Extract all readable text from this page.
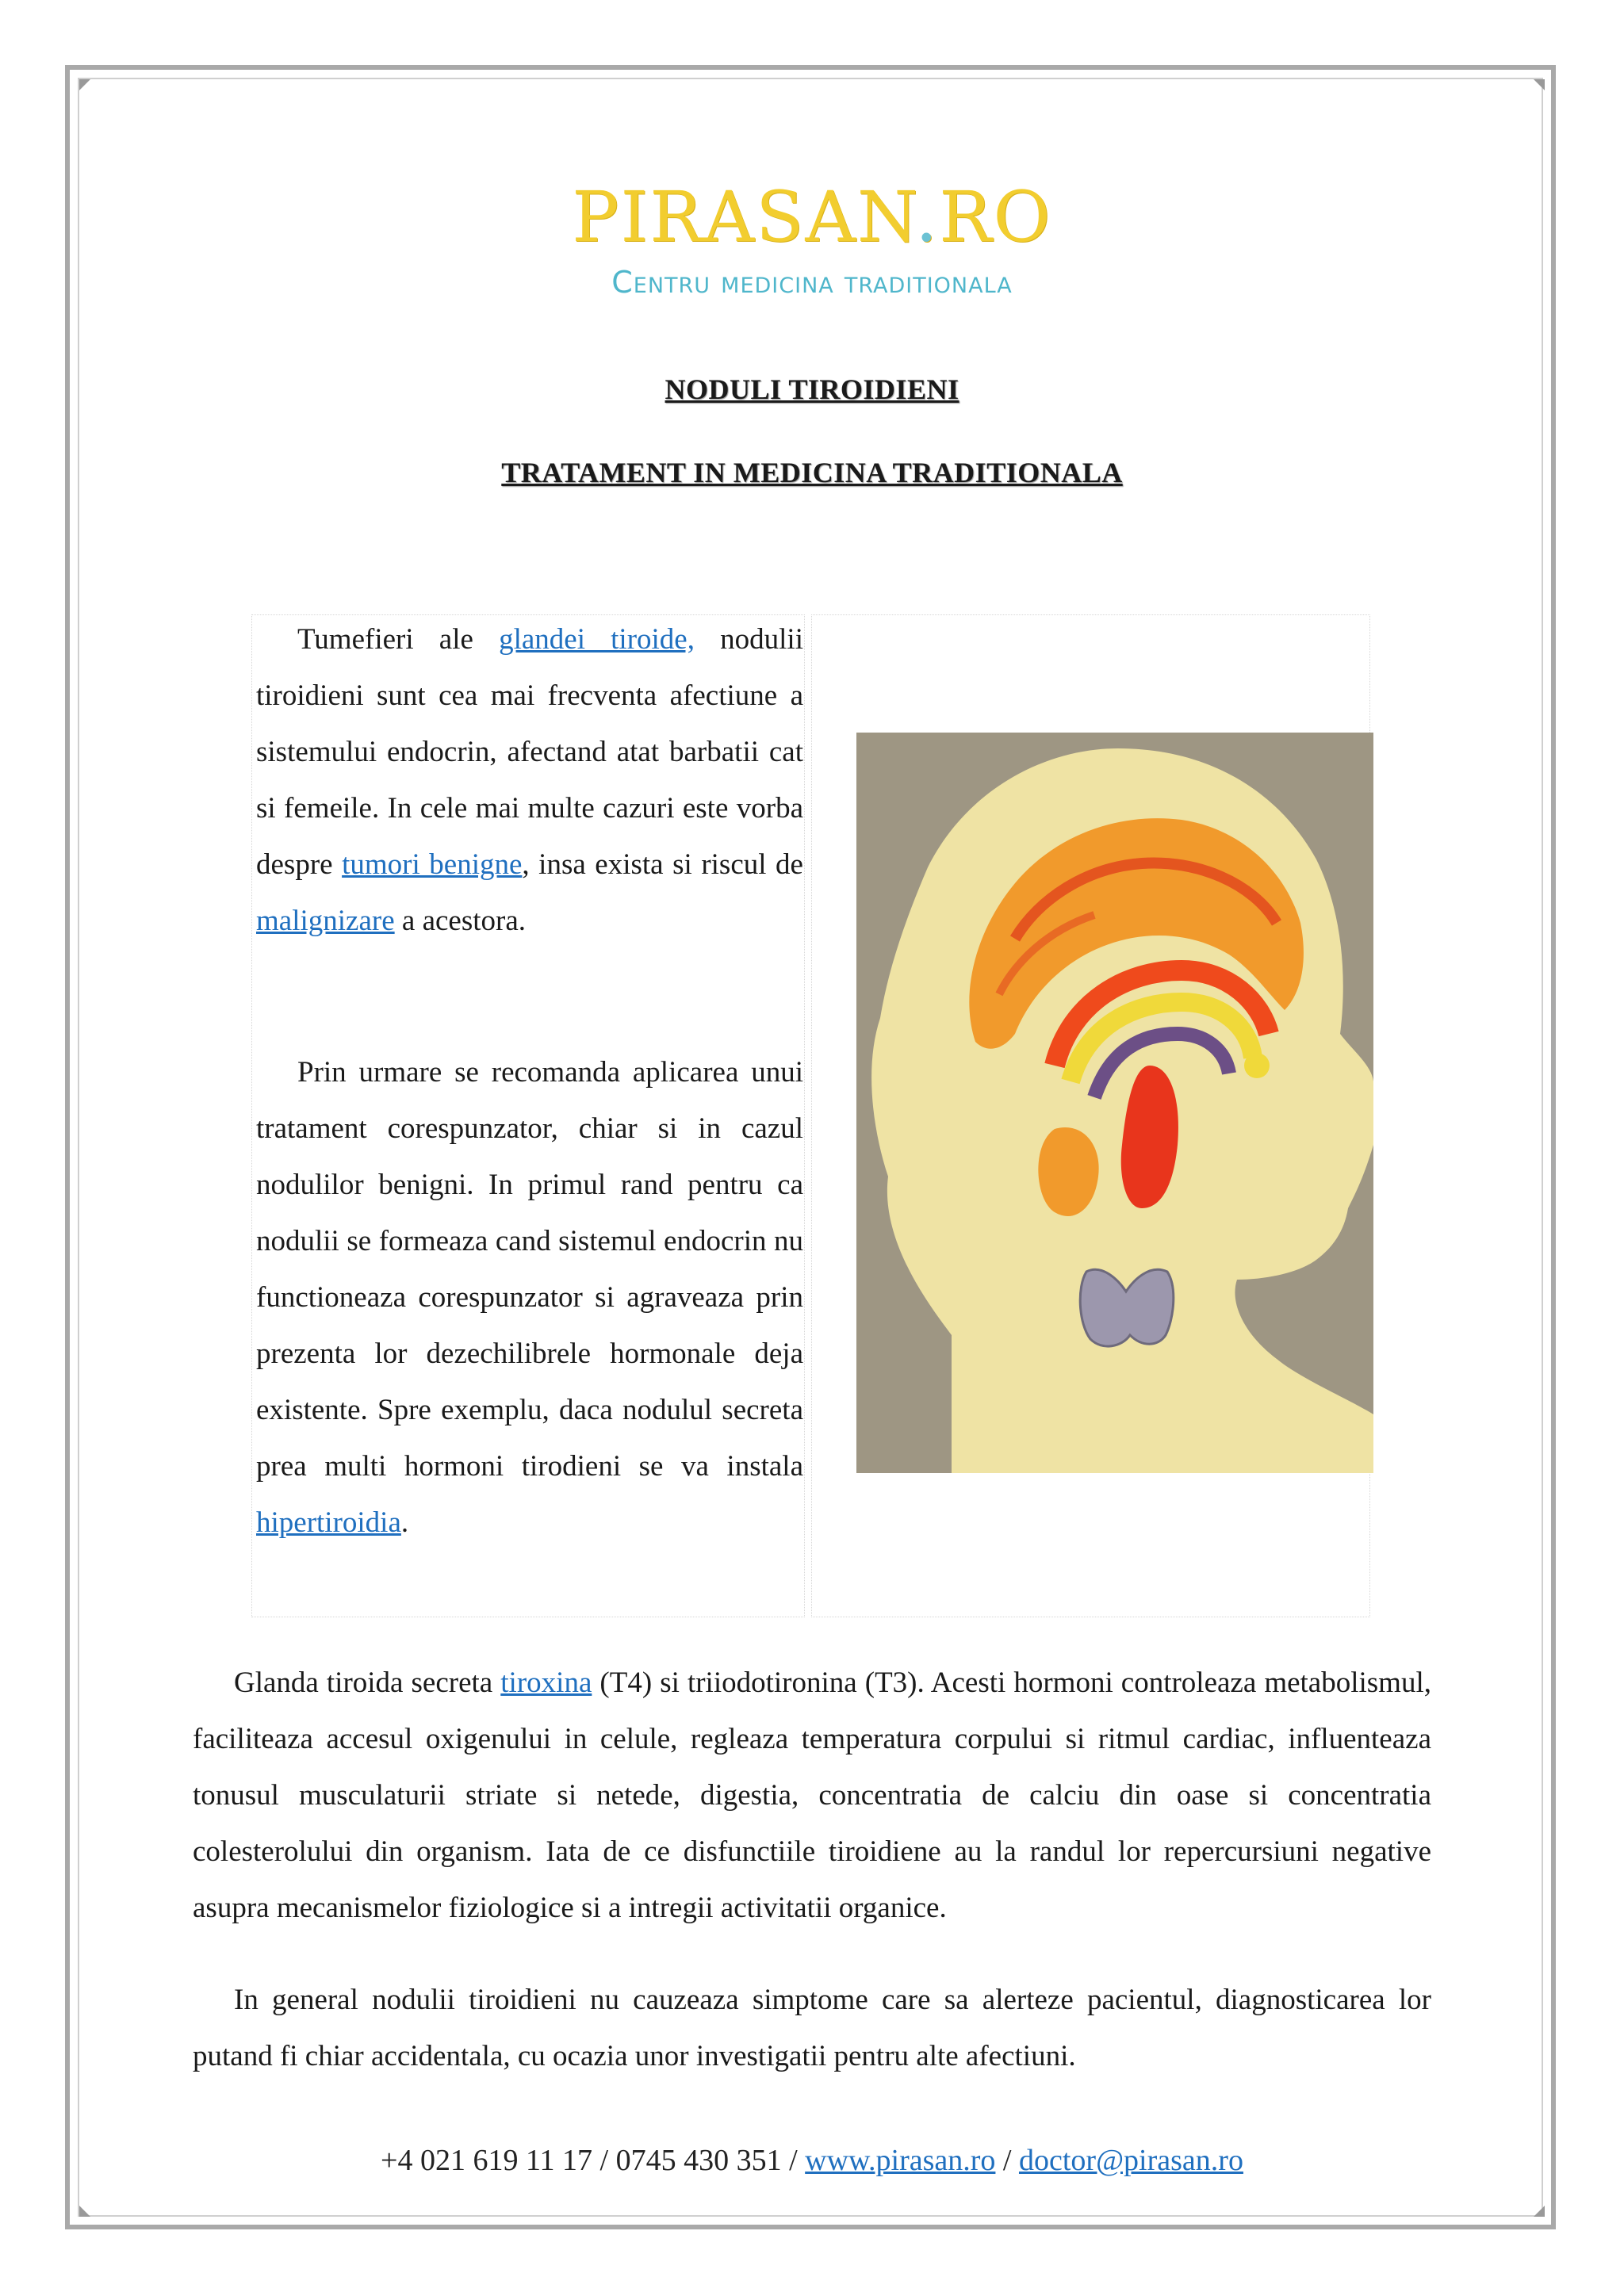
PIRASAN.RO
Centru medicina traditionala
NODULI TIROIDIENI
TRATAMENT IN MEDICINA TRADITIONALA

Tumefieri ale glandei tiroide, nodulii tiroidieni sunt cea mai frecventa afectiune a sistemului endocrin, afectand atat barbatii cat si femeile. In cele mai multe cazuri este vorba despre tumori benigne, insa exista si riscul de malignizare a acestora.

Prin urmare se recomanda aplicarea unui tratament corespunzator, chiar si in cazul nodulilor benigni. In primul rand pentru ca nodulii se formeaza cand sistemul endocrin nu functioneaza corespunzator si agraveaza prin prezenta lor dezechilibrele hormonale deja existente. Spre exemplu, daca nodulul secreta prea multi hormoni tirodieni se va instala hipertiroidia.

Glanda tiroida secreta tiroxina (T4) si triiodotironina (T3). Acesti hormoni controleaza metabolismul, faciliteaza accesul oxigenului in celule, regleaza temperatura corpului si ritmul cardiac, influenteaza tonusul musculaturii striate si netede, digestia, concentratia de calciu din oase si concentratia colesterolului din organism. Iata de ce disfunctiile tiroidiene au la randul lor repercursiuni negative asupra mecanismelor fiziologice si a intregii activitatii organice.

In general nodulii tiroidieni nu cauzeaza simptome care sa alerteze pacientul, diagnosticarea lor putand fi chiar accidentala, cu ocazia unor investigatii pentru alte afectiuni.

+4 021 619 11 17 / 0745 430 351 / www.pirasan.ro / doctor@pirasan.ro
